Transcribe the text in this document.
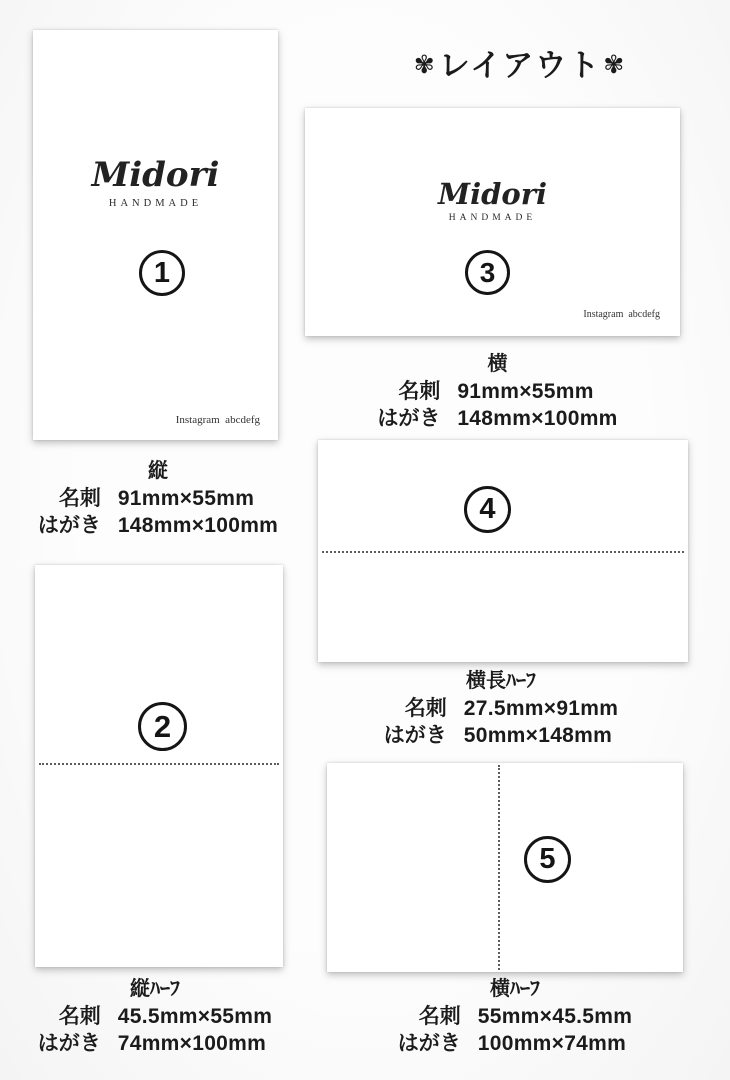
✾レイアウト✾
Midori
HANDMADE
1
Instagram  abcdefg
Midori
HANDMADE
3
Instagram  abcdefg
4
2
5
縦
名刺 91mm×55mm
はがき 148mm×100mm
横
名刺 91mm×55mm
はがき 148mm×100mm
横長ﾊｰﾌ
名刺 27.5mm×91mm
はがき 50mm×148mm
縦ﾊｰﾌ
名刺 45.5mm×55mm
はがき 74mm×100mm
横ﾊｰﾌ
名刺 55mm×45.5mm
はがき 100mm×74mm
